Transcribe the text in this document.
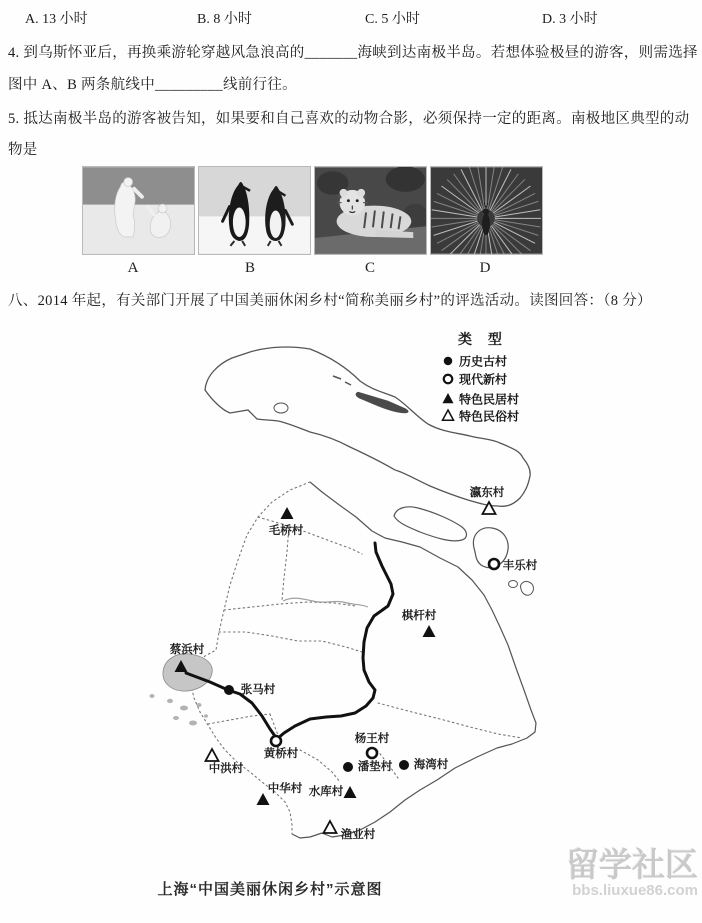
A. 13 小时	B. 8 小时	C. 5 小时	D. 3 小时
4. 到乌斯怀亚后，再换乘游轮穿越风急浪高的_______海峡到达南极半岛。若想体验极昼的游客，则需选择
图中 A、B 两条航线中_________线前行往。
5. 抵达南极半岛的游客被告知，如果要和自己喜欢的动物合影，必须保持一定的距离。南极地区典型的动
物是
A	B	C	D
八、2014 年起，有关部门开展了中国美丽休闲乡村“简称美丽乡村”的评选活动。读图回答：（8 分）
类 型
历史古村
现代新村
特色民居村
特色民俗村
毛桥村
瀛东村
丰乐村
棋杆村
蔡浜村
张马村
黄桥村
中洪村
杨王村
潘垫村 海湾村
中华村 水库村
渔业村
上海“中国美丽休闲乡村”示意图
留学社区
bbs.liuxue86.com
